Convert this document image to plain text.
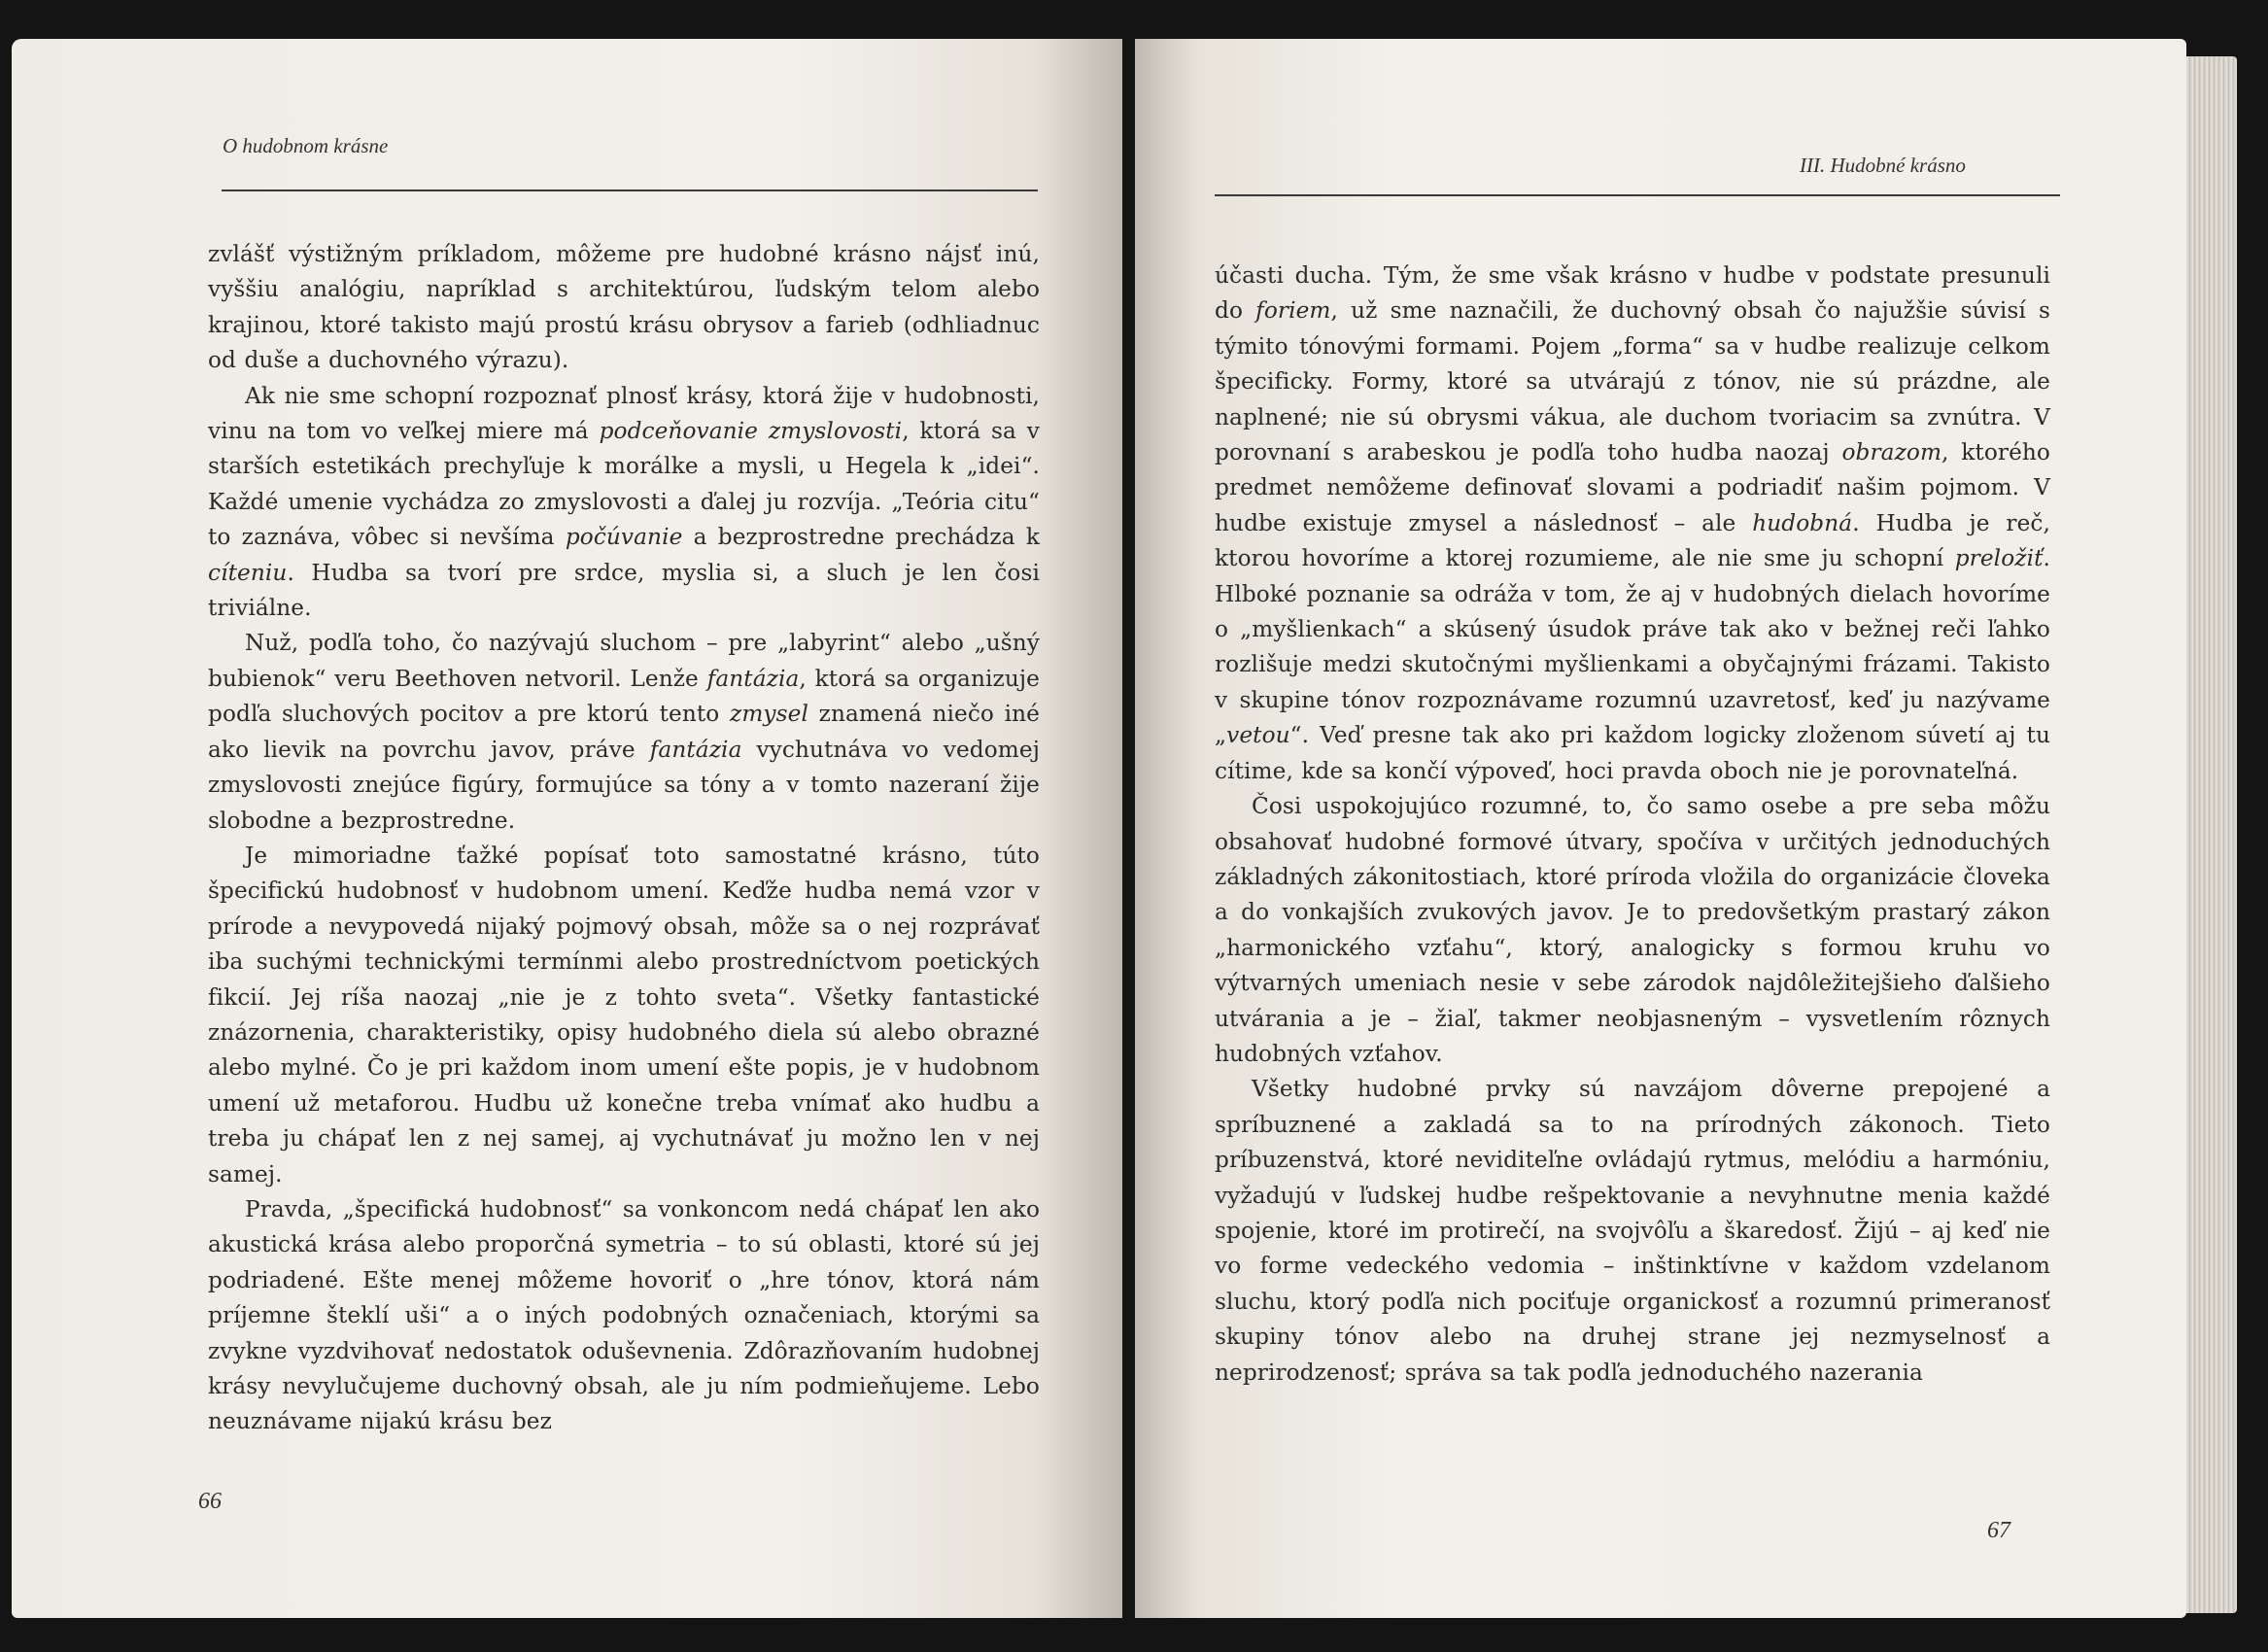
O hudobnom krásne

zvlášť výstižným príkladom, môžeme pre hudobné krásno nájsť inú, vyššiu analógiu, napríklad s architektúrou, ľudským telom alebo krajinou, ktoré takisto majú prostú krásu obrysov a farieb (odhliadnuc od duše a duchovného výrazu).

Ak nie sme schopní rozpoznať plnosť krásy, ktorá žije v hudobnosti, vinu na tom vo veľkej miere má podceňovanie zmyslovosti, ktorá sa v starších estetikách prechyľuje k morálke a mysli, u Hegela k „idei“. Každé umenie vychádza zo zmyslovosti a ďalej ju rozvíja. „Teória citu“ to zaznáva, vôbec si nevšíma počúvanie a bezprostredne prechádza k cíteniu. Hudba sa tvorí pre srdce, myslia si, a sluch je len čosi triviálne.

Nuž, podľa toho, čo nazývajú sluchom – pre „labyrint“ alebo „ušný bubienok“ veru Beethoven netvoril. Lenže fantázia, ktorá sa organizuje podľa sluchových pocitov a pre ktorú tento zmysel znamená niečo iné ako lievik na povrchu javov, práve fantázia vychutnáva vo vedomej zmyslovosti znejúce figúry, formujúce sa tóny a v tomto nazeraní žije slobodne a bezprostredne.

Je mimoriadne ťažké popísať toto samostatné krásno, túto špecifickú hudobnosť v hudobnom umení. Keďže hudba nemá vzor v prírode a nevypovedá nijaký pojmový obsah, môže sa o nej rozprávať iba suchými technickými termínmi alebo prostredníctvom poetických fikcií. Jej ríša naozaj „nie je z tohto sveta“. Všetky fantastické znázornenia, charakteristiky, opisy hudobného diela sú alebo obrazné alebo mylné. Čo je pri každom inom umení ešte popis, je v hudobnom umení už metaforou. Hudbu už konečne treba vnímať ako hudbu a treba ju chápať len z nej samej, aj vychutnávať ju možno len v nej samej.

Pravda, „špecifická hudobnosť“ sa vonkoncom nedá chápať len ako akustická krása alebo proporčná symetria – to sú oblasti, ktoré sú jej podriadené. Ešte menej môžeme hovoriť o „hre tónov, ktorá nám príjemne šteklí uši“ a o iných podobných označeniach, ktorými sa zvykne vyzdvihovať nedostatok oduševnenia. Zdôrazňovaním hudobnej krásy nevylučujeme duchovný obsah, ale ju ním podmieňujeme. Lebo neuznávame nijakú krásu bez

66
III. Hudobné krásno

účasti ducha. Tým, že sme však krásno v hudbe v podstate presunuli do foriem, už sme naznačili, že duchovný obsah čo najužšie súvisí s týmito tónovými formami. Pojem „forma“ sa v hudbe realizuje celkom špecificky. Formy, ktoré sa utvárajú z tónov, nie sú prázdne, ale naplnené; nie sú obrysmi vákua, ale duchom tvoriacim sa zvnútra. V porovnaní s arabeskou je podľa toho hudba naozaj obrazom, ktorého predmet nemôžeme definovať slovami a podriadiť našim pojmom. V hudbe existuje zmysel a následnosť – ale hudobná. Hudba je reč, ktorou hovoríme a ktorej rozumieme, ale nie sme ju schopní preložiť. Hlboké poznanie sa odráža v tom, že aj v hudobných dielach hovoríme o „myšlienkach“ a skúsený úsudok práve tak ako v bežnej reči ľahko rozlišuje medzi skutočnými myšlienkami a obyčajnými frázami. Takisto v skupine tónov rozpoznávame rozumnú uzavretosť, keď ju nazývame „vetou“. Veď presne tak ako pri každom logicky zloženom súvetí aj tu cítime, kde sa končí výpoveď, hoci pravda oboch nie je porovnateľná.

Čosi uspokojujúco rozumné, to, čo samo osebe a pre seba môžu obsahovať hudobné formové útvary, spočíva v určitých jednoduchých základných zákonitostiach, ktoré príroda vložila do organizácie človeka a do vonkajších zvukových javov. Je to predovšetkým prastarý zákon „harmonického vzťahu“, ktorý, analogicky s formou kruhu vo výtvarných umeniach nesie v sebe zárodok najdôležitejšieho ďalšieho utvárania a je – žiaľ, takmer neobjasneným – vysvetlením rôznych hudobných vzťahov.

Všetky hudobné prvky sú navzájom dôverne prepojené a spríbuznené a zakladá sa to na prírodných zákonoch. Tieto príbuzenstvá, ktoré neviditeľne ovládajú rytmus, melódiu a harmóniu, vyžadujú v ľudskej hudbe rešpektovanie a nevyhnutne menia každé spojenie, ktoré im protirečí, na svojvôľu a škaredosť. Žijú – aj keď nie vo forme vedeckého vedomia – inštinktívne v každom vzdelanom sluchu, ktorý podľa nich pociťuje organickosť a rozumnú primeranosť skupiny tónov alebo na druhej strane jej nezmyselnosť a neprirodzenosť; správa sa tak podľa jednoduchého nazerania

67
